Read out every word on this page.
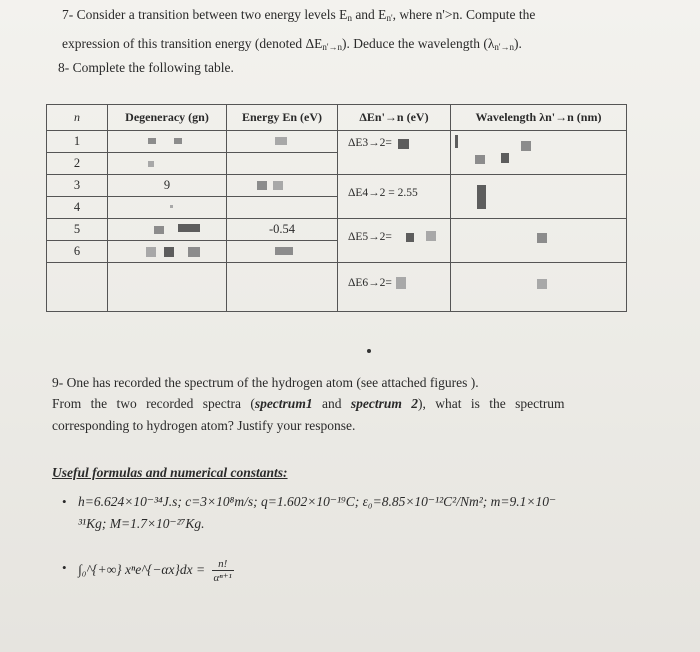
7- Consider a transition between two energy levels $E_n$ and $E_{n'}$, where n'>n. Compute the
expression of this transition energy (denoted $\Delta E_{n'\to n}$). Deduce the wavelength $(\lambda_{n'\to n})$.
8- Complete the following table.
n	Degeneracy (gn)	Energy En (eV)	ΔEn'→n (eV)	Wavelength λn'→n (nm)
1			ΔE3→2=	

2			

3	9		ΔE4→2 = 2.55	

4			

5		-0.54	ΔE5→2=	

6			

			ΔE6→2=	

9- One has recorded the spectrum of the hydrogen atom (see attached figures ).
From the two recorded spectra (spectrum1 and spectrum 2), what is the spectrum
corresponding to hydrogen atom? Justify your response.
Useful formulas and numerical constants:
• h=6.624×10⁻³⁴J.s; c=3×10⁸m/s; q=1.602×10⁻¹⁹C; ε₀=8.85×10⁻¹²C²/Nm²; m=9.1×10⁻
³¹Kg; M=1.7×10⁻²⁷Kg.
• ∫₀^{+∞} xⁿe^{−αx}dx = $\frac{n!}{\text{αⁿ⁺¹}}$
